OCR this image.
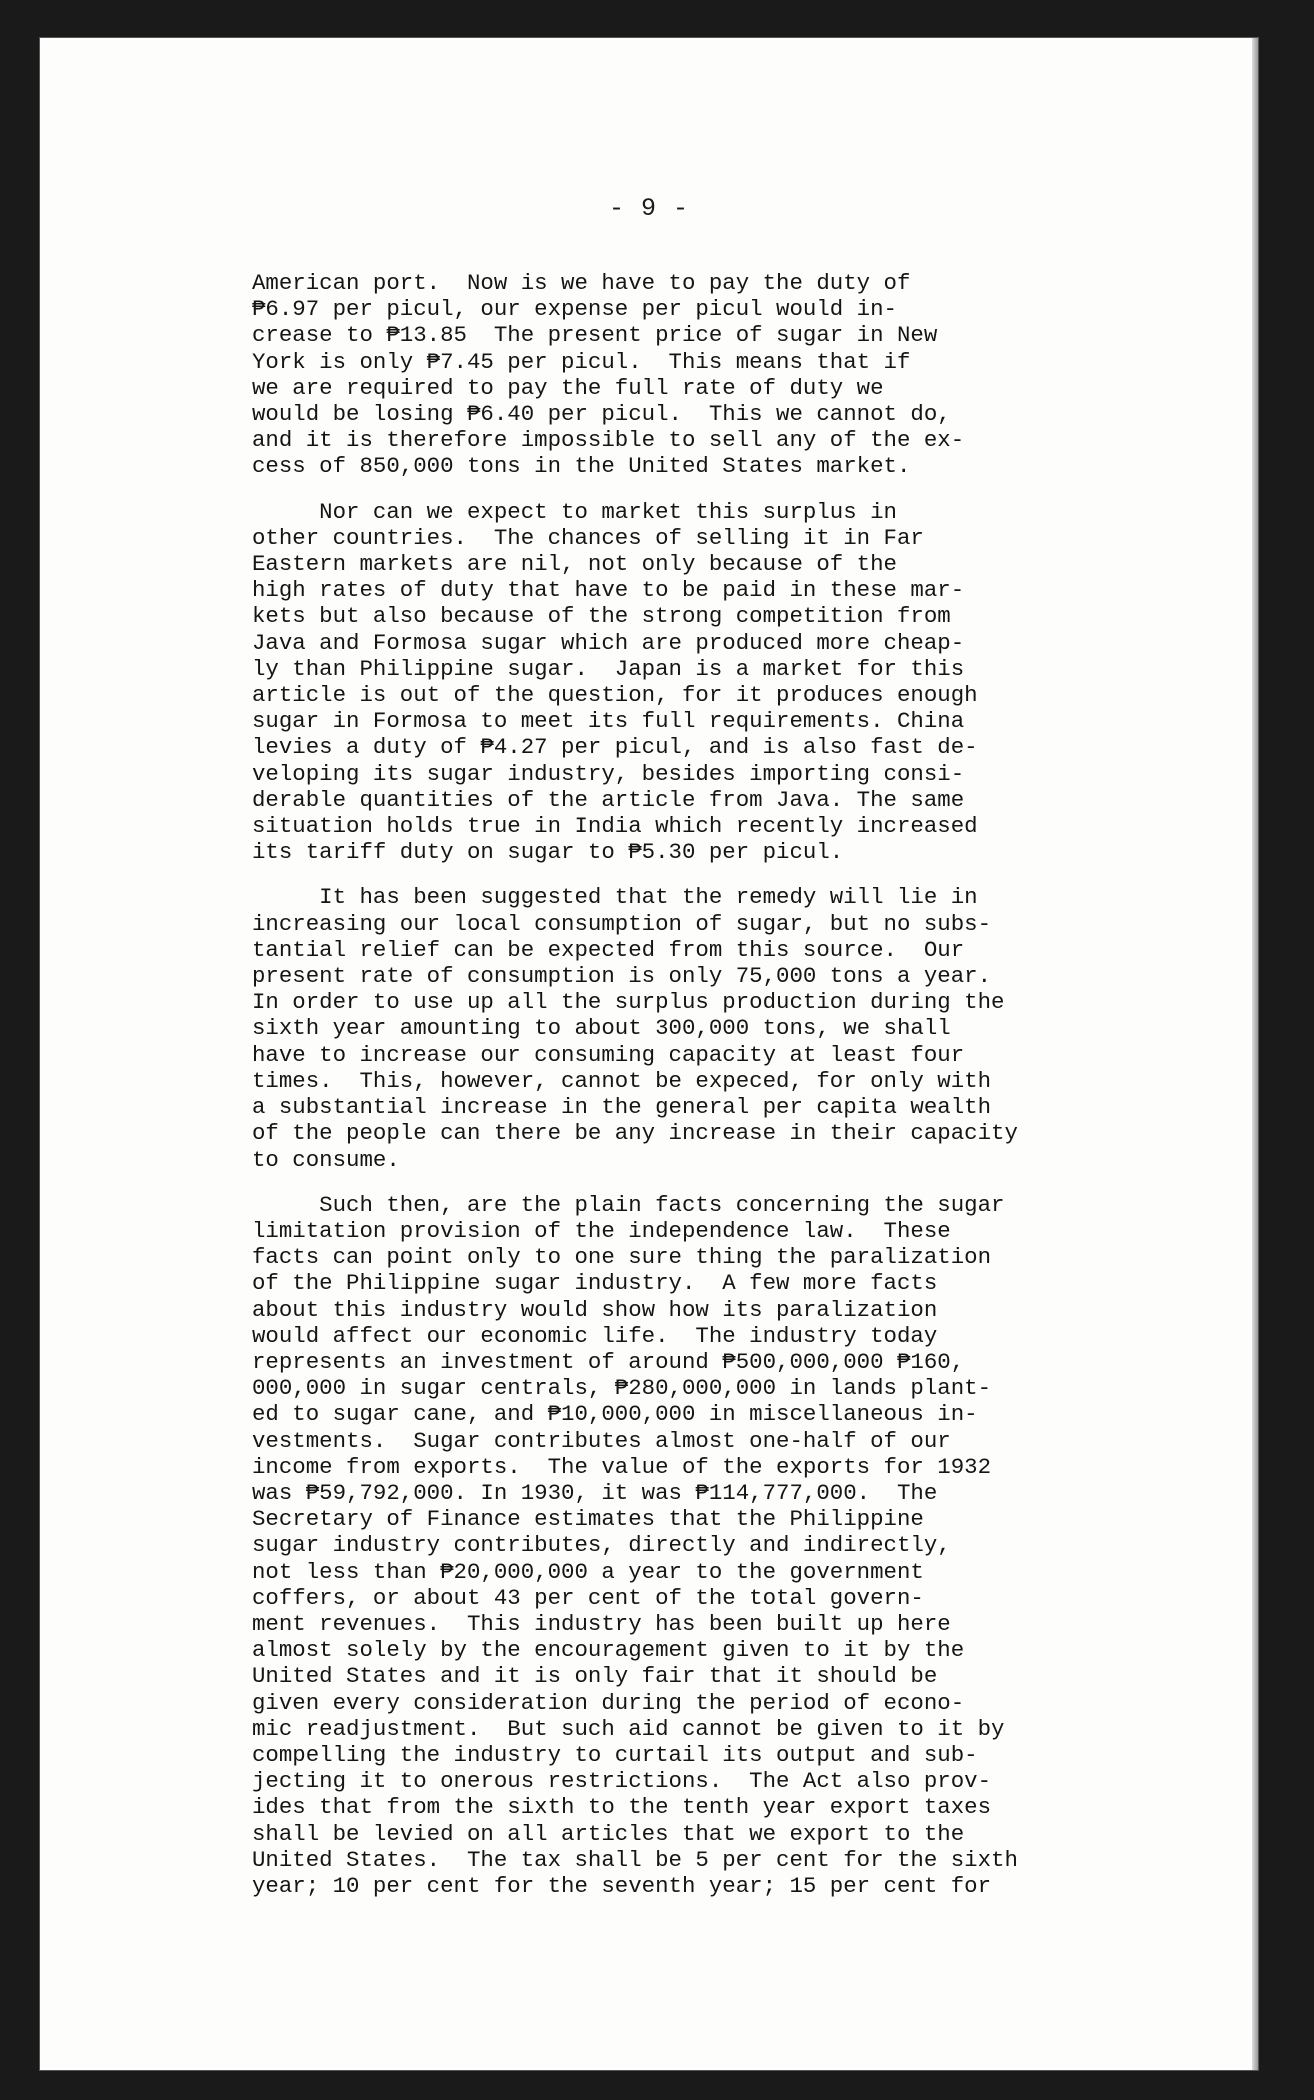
- 9 -

American port.  Now is we have to pay the duty of
₱6.97 per picul, our expense per picul would in-
crease to ₱13.85  The present price of sugar in New
York is only ₱7.45 per picul.  This means that if
we are required to pay the full rate of duty we
would be losing ₱6.40 per picul.  This we cannot do,
and it is therefore impossible to sell any of the ex-
cess of 850,000 tons in the United States market.

Nor can we expect to market this surplus in
other countries.  The chances of selling it in Far
Eastern markets are nil, not only because of the
high rates of duty that have to be paid in these mar-
kets but also because of the strong competition from
Java and Formosa sugar which are produced more cheap-
ly than Philippine sugar.  Japan is a market for this
article is out of the question, for it produces enough
sugar in Formosa to meet its full requirements. China
levies a duty of ₱4.27 per picul, and is also fast de-
veloping its sugar industry, besides importing consi-
derable quantities of the article from Java. The same
situation holds true in India which recently increased
its tariff duty on sugar to ₱5.30 per picul.

It has been suggested that the remedy will lie in
increasing our local consumption of sugar, but no subs-
tantial relief can be expected from this source.  Our
present rate of consumption is only 75,000 tons a year.
In order to use up all the surplus production during the
sixth year amounting to about 300,000 tons, we shall
have to increase our consuming capacity at least four
times.  This, however, cannot be expeced, for only with
a substantial increase in the general per capita wealth
of the people can there be any increase in their capacity
to consume.

Such then, are the plain facts concerning the sugar
limitation provision of the independence law.  These
facts can point only to one sure thing the paralization
of the Philippine sugar industry.  A few more facts
about this industry would show how its paralization
would affect our economic life.  The industry today
represents an investment of around ₱500,000,000 ₱160,
000,000 in sugar centrals, ₱280,000,000 in lands plant-
ed to sugar cane, and ₱10,000,000 in miscellaneous in-
vestments.  Sugar contributes almost one-half of our
income from exports.  The value of the exports for 1932
was ₱59,792,000. In 1930, it was ₱114,777,000.  The
Secretary of Finance estimates that the Philippine
sugar industry contributes, directly and indirectly,
not less than ₱20,000,000 a year to the government
coffers, or about 43 per cent of the total govern-
ment revenues.  This industry has been built up here
almost solely by the encouragement given to it by the
United States and it is only fair that it should be
given every consideration during the period of econo-
mic readjustment.  But such aid cannot be given to it by
compelling the industry to curtail its output and sub-
jecting it to onerous restrictions.  The Act also prov-
ides that from the sixth to the tenth year export taxes
shall be levied on all articles that we export to the
United States.  The tax shall be 5 per cent for the sixth
year; 10 per cent for the seventh year; 15 per cent for
